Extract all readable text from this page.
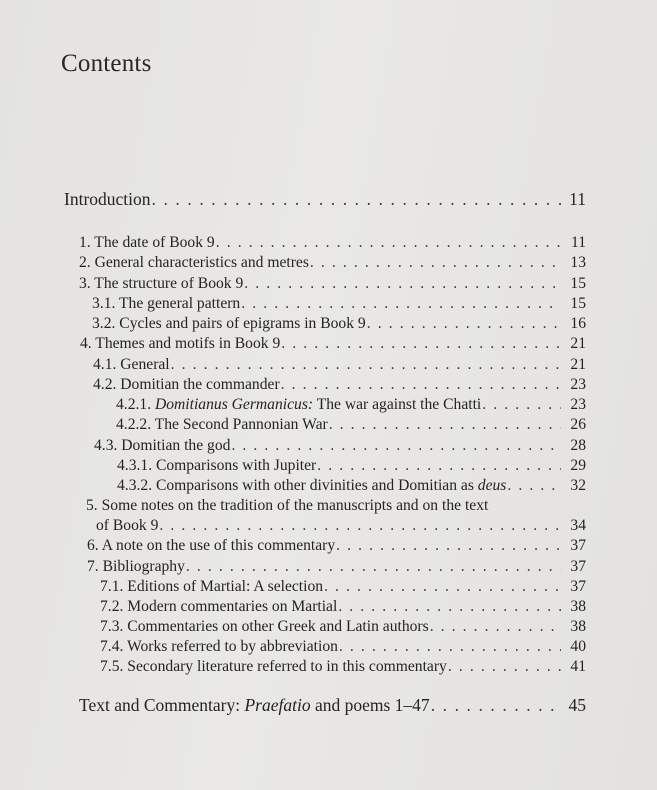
Contents
Introduction . . .	11
1. The date of Book 9 . . .	11
2. General characteristics and metres . . .	13
3. The structure of Book 9 . . .	15
3.1. The general pattern . . .	15
3.2. Cycles and pairs of epigrams in Book 9 . . .	16
4. Themes and motifs in Book 9 . . .	21
4.1. General . . .	21
4.2. Domitian the commander . . .	23
4.2.1. Domitianus Germanicus: The war against the Chatti . . .	23
4.2.2. The Second Pannonian War . . .	26
4.3. Domitian the god . . .	28
4.3.1. Comparisons with Jupiter . . .	29
4.3.2. Comparisons with other divinities and Domitian as deus . . .	32
5. Some notes on the tradition of the manuscripts and on the text
of Book 9 . . .	34
6. A note on the use of this commentary . . .	37
7. Bibliography . . .	37
7.1. Editions of Martial: A selection . . .	37
7.2. Modern commentaries on Martial . . .	38
7.3. Commentaries on other Greek and Latin authors . . .	38
7.4. Works referred to by abbreviation . . .	40
7.5. Secondary literature referred to in this commentary . . .	41
Text and Commentary: Praefatio and poems 1–47 . . .	45
